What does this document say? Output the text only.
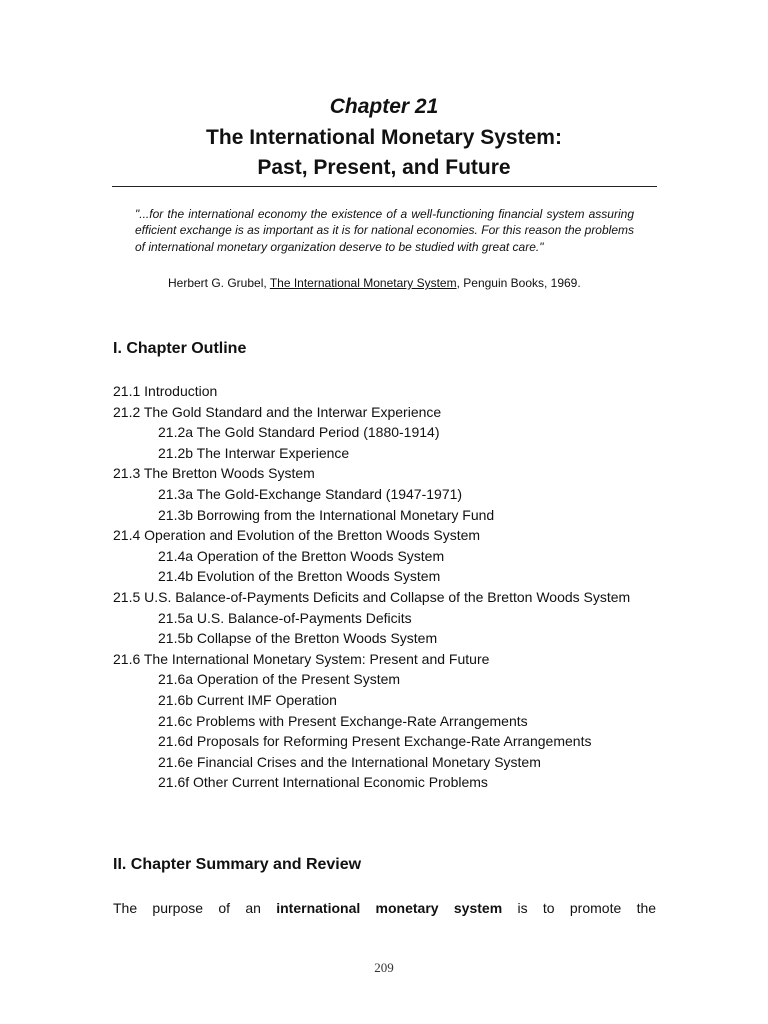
Chapter 21
The International Monetary System:
Past, Present, and Future
"...for the international economy the existence of a well-functioning financial system assuring efficient exchange is as important as it is for national economies. For this reason the problems of international monetary organization deserve to be studied with great care."
Herbert G. Grubel, The International Monetary System, Penguin Books, 1969.
I. Chapter Outline
21.1 Introduction
21.2 The Gold Standard and the Interwar Experience
21.2a The Gold Standard Period (1880-1914)
21.2b The Interwar Experience
21.3 The Bretton Woods System
21.3a The Gold-Exchange Standard (1947-1971)
21.3b Borrowing from the International Monetary Fund
21.4 Operation and Evolution of the Bretton Woods System
21.4a Operation of the Bretton Woods System
21.4b Evolution of the Bretton Woods System
21.5 U.S. Balance-of-Payments Deficits and Collapse of the Bretton Woods System
21.5a U.S. Balance-of-Payments Deficits
21.5b Collapse of the Bretton Woods System
21.6 The International Monetary System: Present and Future
21.6a Operation of the Present System
21.6b Current IMF Operation
21.6c Problems with Present Exchange-Rate Arrangements
21.6d Proposals for Reforming Present Exchange-Rate Arrangements
21.6e Financial Crises and the International Monetary System
21.6f Other Current International Economic Problems
II. Chapter Summary and Review
The purpose of an international monetary system is to promote the
209
